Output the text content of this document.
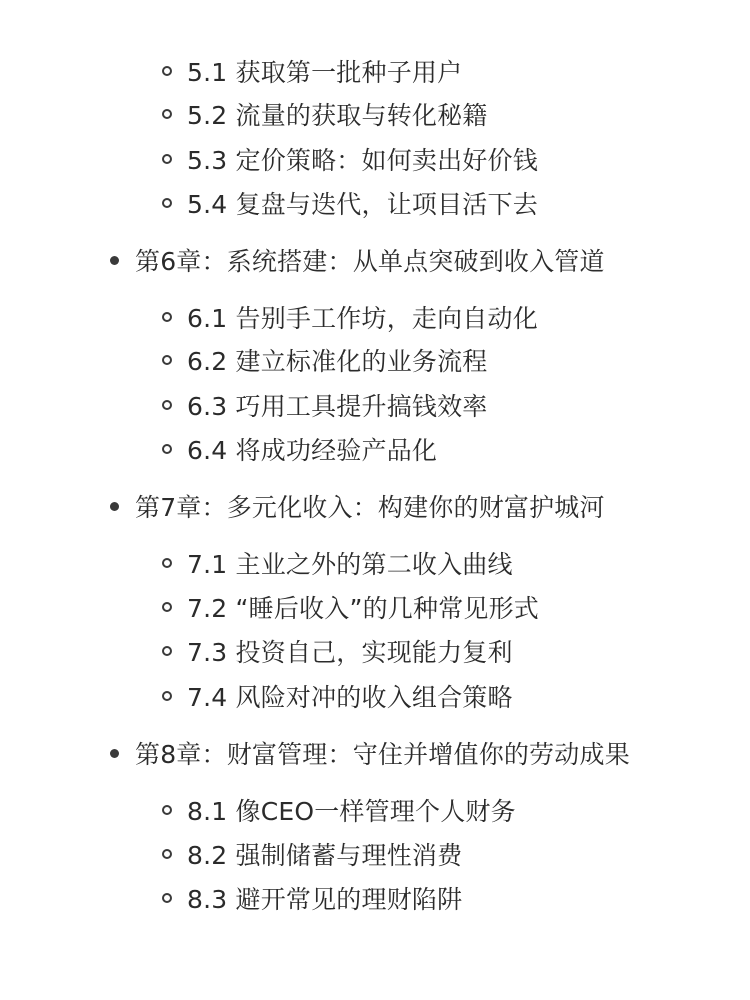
5.1 获取第一批种子用户
5.2 流量的获取与转化秘籍
5.3 定价策略：如何卖出好价钱
5.4 复盘与迭代，让项目活下去
第6章：系统搭建：从单点突破到收入管道
6.1 告别手工作坊，走向自动化
6.2 建立标准化的业务流程
6.3 巧用工具提升搞钱效率
6.4 将成功经验产品化
第7章：多元化收入：构建你的财富护城河
7.1 主业之外的第二收入曲线
7.2 “睡后收入”的几种常见形式
7.3 投资自己，实现能力复利
7.4 风险对冲的收入组合策略
第8章：财富管理：守住并增值你的劳动成果
8.1 像CEO一样管理个人财务
8.2 强制储蓄与理性消费
8.3 避开常见的理财陷阱
